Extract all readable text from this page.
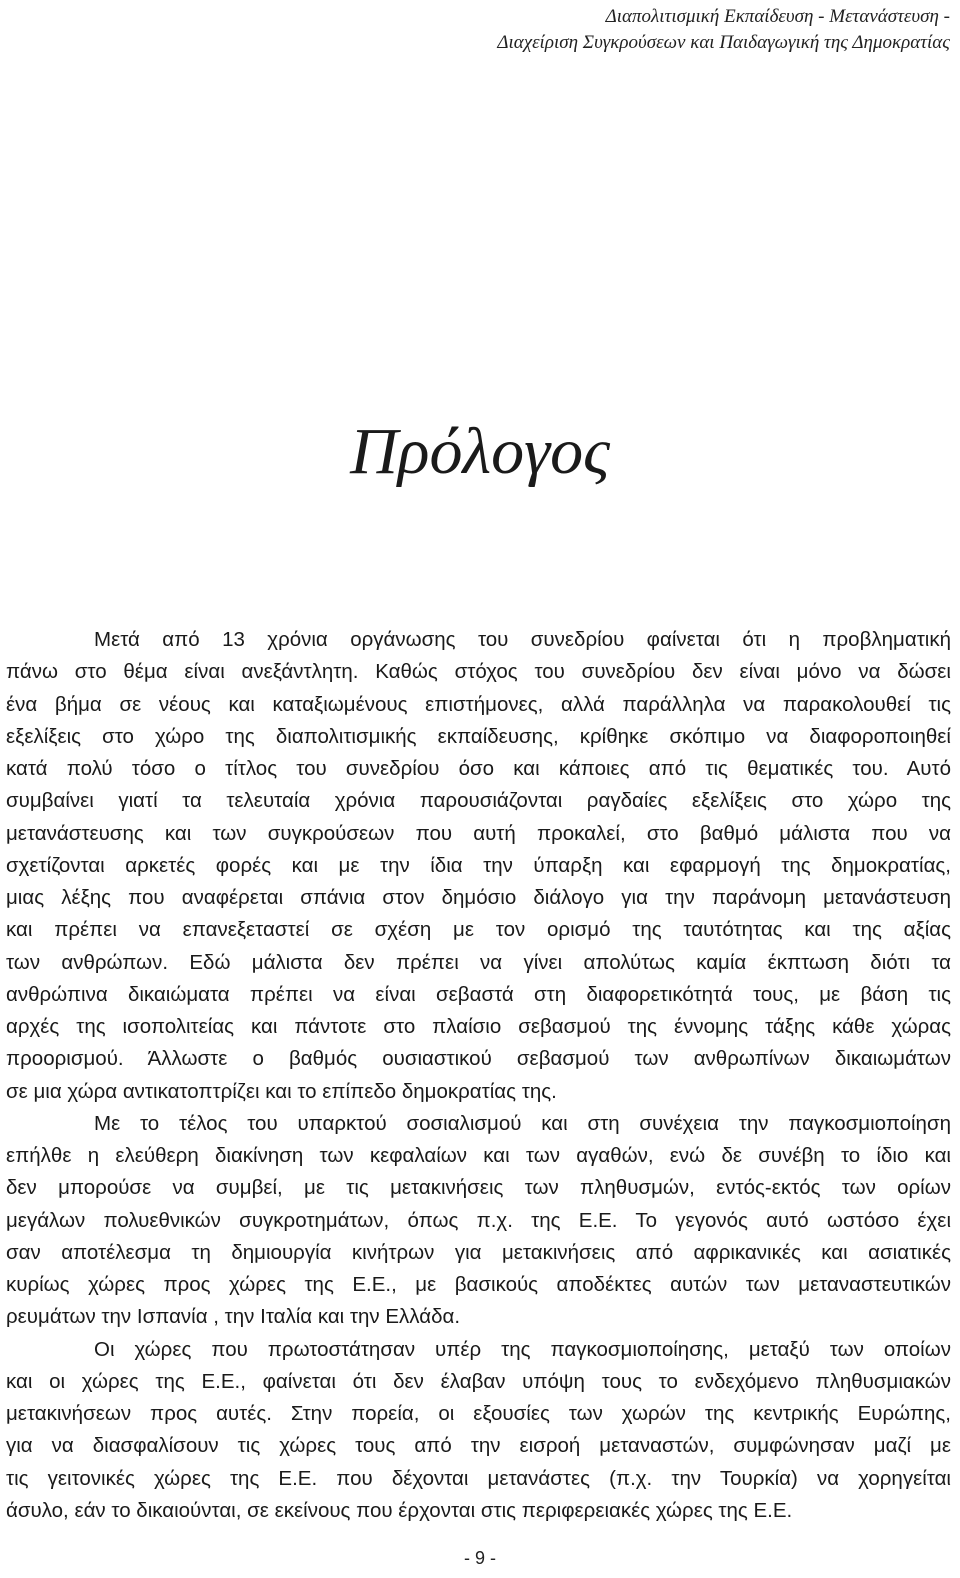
Διαπολιτισμική Εκπαίδευση - Μετανάστευση -
Διαχείριση Συγκρούσεων και Παιδαγωγική της Δημοκρατίας
Πρόλογος

Μετά από 13 χρόνια οργάνωσης του συνεδρίου φαίνεται ότι η προβληματική
πάνω στο θέμα είναι ανεξάντλητη. Καθώς στόχος του συνεδρίου δεν είναι μόνο να δώσει
ένα βήμα σε νέους και καταξιωμένους επιστήμονες, αλλά παράλληλα να παρακολουθεί τις
εξελίξεις στο χώρο της διαπολιτισμικής εκπαίδευσης, κρίθηκε σκόπιμο να διαφοροποιηθεί
κατά πολύ τόσο ο τίτλος του συνεδρίου όσο και κάποιες από τις θεματικές του. Αυτό
συμβαίνει γιατί τα τελευταία χρόνια παρουσιάζονται ραγδαίες εξελίξεις στο χώρο της
μετανάστευσης και των συγκρούσεων που αυτή προκαλεί, στο βαθμό μάλιστα που να
σχετίζονται αρκετές φορές και με την ίδια την ύπαρξη και εφαρμογή της δημοκρατίας,
μιας λέξης που αναφέρεται σπάνια στον δημόσιο διάλογο για την παράνομη μετανάστευση
και πρέπει να επανεξεταστεί σε σχέση με τον ορισμό της ταυτότητας και της αξίας
των ανθρώπων. Εδώ μάλιστα δεν πρέπει να γίνει απολύτως καμία έκπτωση διότι τα
ανθρώπινα δικαιώματα πρέπει να είναι σεβαστά στη διαφορετικότητά τους, με βάση τις
αρχές της ισοπολιτείας και πάντοτε στο πλαίσιο σεβασμού της έννομης τάξης κάθε χώρας
προορισμού. Άλλωστε ο βαθμός ουσιαστικού σεβασμού των ανθρωπίνων δικαιωμάτων
σε μια χώρα αντικατοπτρίζει και το επίπεδο δημοκρατίας της.

Με το τέλος του υπαρκτού σοσιαλισμού και στη συνέχεια την παγκοσμιοποίηση
επήλθε η ελεύθερη διακίνηση των κεφαλαίων και των αγαθών, ενώ δε συνέβη το ίδιο και
δεν μπορούσε να συμβεί, με τις μετακινήσεις των πληθυσμών, εντός-εκτός των ορίων
μεγάλων πολυεθνικών συγκροτημάτων, όπως π.χ. της Ε.Ε. Το γεγονός αυτό ωστόσο έχει
σαν αποτέλεσμα τη δημιουργία κινήτρων για μετακινήσεις από αφρικανικές και ασιατικές
κυρίως χώρες προς χώρες της Ε.Ε., με βασικούς αποδέκτες αυτών των μεταναστευτικών
ρευμάτων την Ισπανία , την Ιταλία και την Ελλάδα.

Οι χώρες που πρωτοστάτησαν υπέρ της παγκοσμιοποίησης, μεταξύ των οποίων
και οι χώρες της Ε.Ε., φαίνεται ότι δεν έλαβαν υπόψη τους το ενδεχόμενο πληθυσμιακών
μετακινήσεων προς αυτές. Στην πορεία, οι εξουσίες των χωρών της κεντρικής Ευρώπης,
για να διασφαλίσουν τις χώρες τους από την εισροή μεταναστών, συμφώνησαν μαζί με
τις γειτονικές χώρες της Ε.Ε. που δέχονται μετανάστες (π.χ. την Τουρκία) να χορηγείται
άσυλο, εάν το δικαιούνται, σε εκείνους που έρχονται στις περιφερειακές χώρες της Ε.Ε.

- 9 -
